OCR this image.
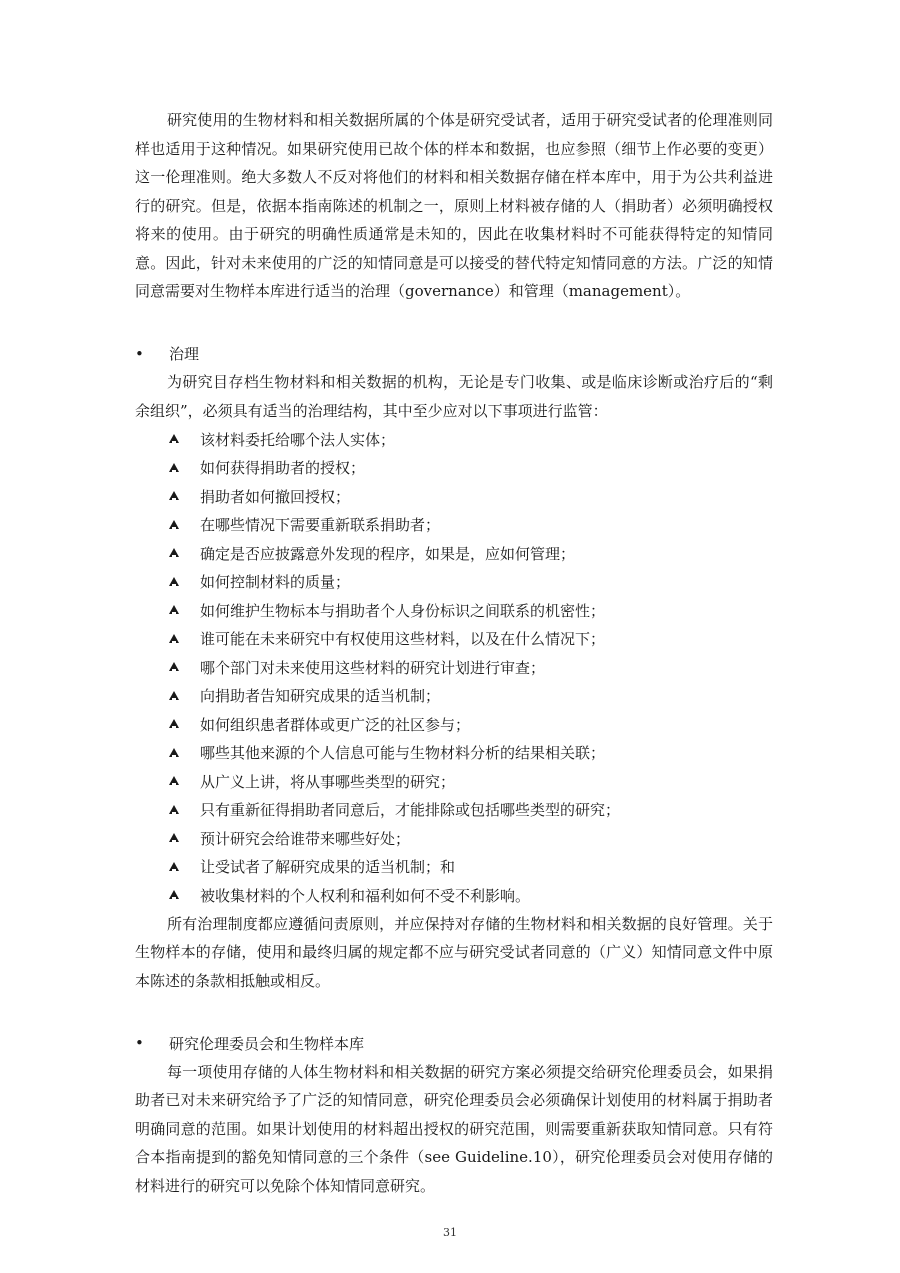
研究使用的生物材料和相关数据所属的个体是研究受试者，适用于研究受试者的伦理准则同样也适用于这种情况。如果研究使用已故个体的样本和数据，也应参照（细节上作必要的变更）这一伦理准则。绝大多数人不反对将他们的材料和相关数据存储在样本库中，用于为公共利益进行的研究。但是，依据本指南陈述的机制之一，原则上材料被存储的人（捐助者）必须明确授权将来的使用。由于研究的明确性质通常是未知的，因此在收集材料时不可能获得特定的知情同意。因此，针对未来使用的广泛的知情同意是可以接受的替代特定知情同意的方法。广泛的知情同意需要对生物样本库进行适当的治理（governance）和管理（management）。

•	治理

为研究目存档生物材料和相关数据的机构，无论是专门收集、或是临床诊断或治疗后的“剩余组织”，必须具有适当的治理结构，其中至少应对以下事项进行监管：

该材料委托给哪个法人实体；
如何获得捐助者的授权；
捐助者如何撤回授权；
在哪些情况下需要重新联系捐助者；
确定是否应披露意外发现的程序，如果是，应如何管理；
如何控制材料的质量；
如何维护生物标本与捐助者个人身份标识之间联系的机密性；
谁可能在未来研究中有权使用这些材料，以及在什么情况下；
哪个部门对未来使用这些材料的研究计划进行审查；
向捐助者告知研究成果的适当机制；
如何组织患者群体或更广泛的社区参与；
哪些其他来源的个人信息可能与生物材料分析的结果相关联；
从广义上讲，将从事哪些类型的研究；
只有重新征得捐助者同意后，才能排除或包括哪些类型的研究；
预计研究会给谁带来哪些好处；
让受试者了解研究成果的适当机制；和
被收集材料的个人权利和福利如何不受不利影响。

所有治理制度都应遵循问责原则，并应保持对存储的生物材料和相关数据的良好管理。关于生物样本的存储，使用和最终归属的规定都不应与研究受试者同意的（广义）知情同意文件中原本陈述的条款相抵触或相反。

•	研究伦理委员会和生物样本库

每一项使用存储的人体生物材料和相关数据的研究方案必须提交给研究伦理委员会，如果捐助者已对未来研究给予了广泛的知情同意，研究伦理委员会必须确保计划使用的材料属于捐助者明确同意的范围。如果计划使用的材料超出授权的研究范围，则需要重新获取知情同意。只有符合本指南提到的豁免知情同意的三个条件（see Guideline.10），研究伦理委员会对使用存储的材料进行的研究可以免除个体知情同意研究。

31
